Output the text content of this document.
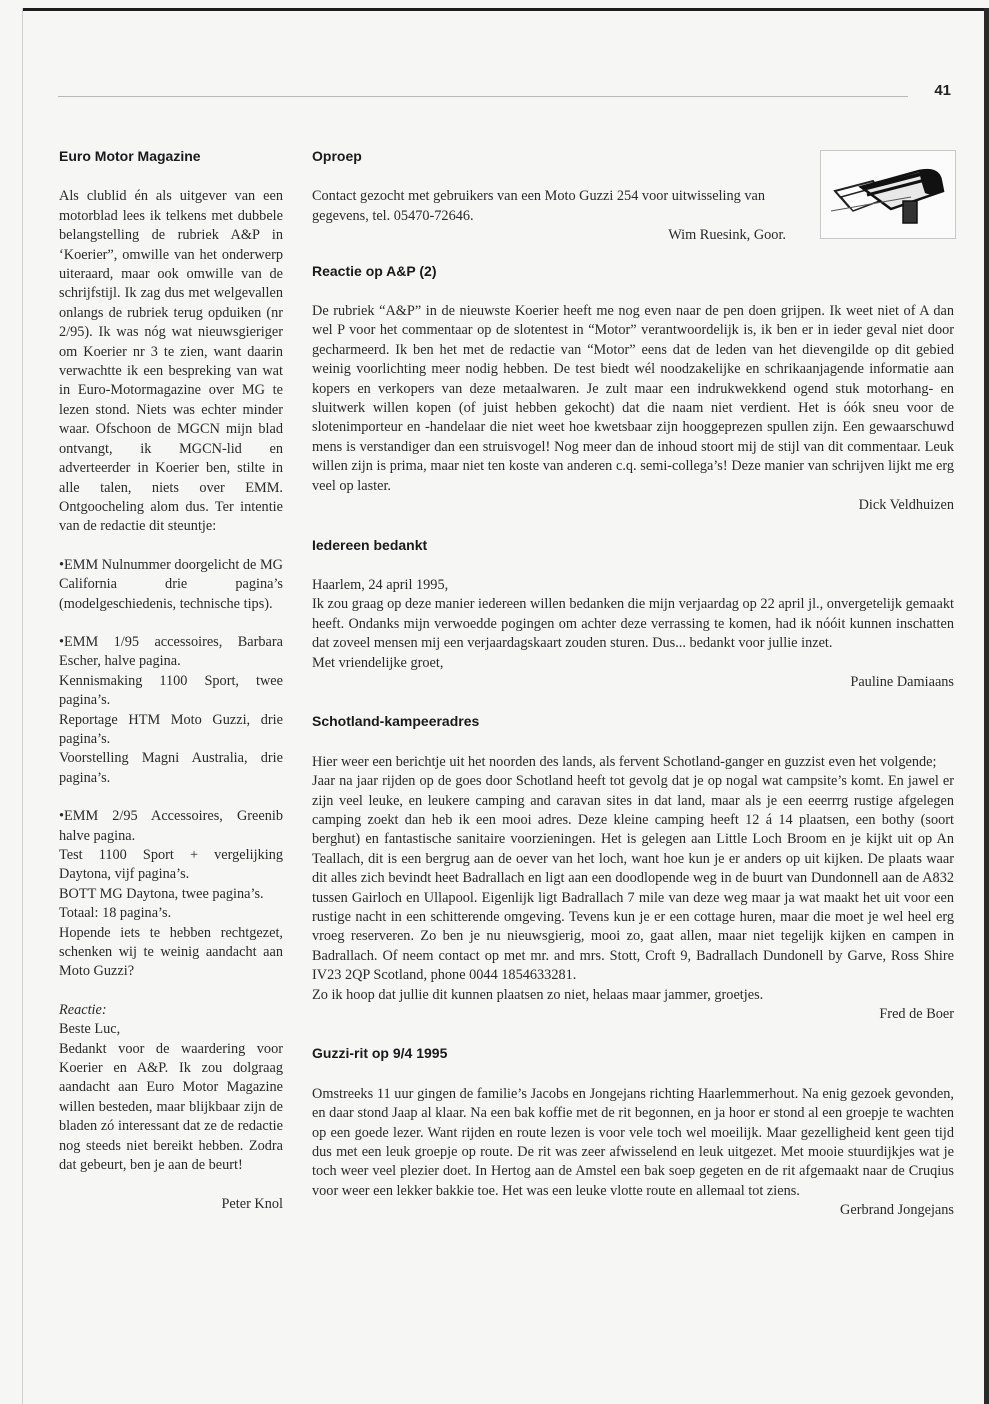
41
Euro Motor Magazine

Als clublid én als uitgever van een motorblad lees ik telkens met dubbele belangstelling de rubriek A&P in ‘Koerier”, omwille van het onderwerp uiteraard, maar ook omwille van de schrijfstijl. Ik zag dus met welgevallen onlangs de rubriek terug opduiken (nr 2/95). Ik was nóg wat nieuwsgieriger om Koerier nr 3 te zien, want daarin verwachtte ik een bespreking van wat in Euro-Motormagazine over MG te lezen stond. Niets was echter minder waar. Ofschoon de MGCN mijn blad ontvangt, ik MGCN-lid en adverteerder in Koerier ben, stilte in alle talen, niets over EMM. Ontgoocheling alom dus. Ter intentie van de redactie dit steuntje:

•EMM Nulnummer doorgelicht de MG California drie pagina’s (modelgeschiedenis, technische tips).

•EMM 1/95 accessoires, Barbara Escher, halve pagina.

Kennismaking 1100 Sport, twee pagina’s.

Reportage HTM Moto Guzzi, drie pagina’s.

Voorstelling Magni Australia, drie pagina’s.

•EMM 2/95 Accessoires, Greenib halve pagina.

Test 1100 Sport + vergelijking Daytona, vijf pagina’s.

BOTT MG Daytona, twee pagina’s.

Totaal: 18 pagina’s.

Hopende iets te hebben rechtgezet, schenken wij te weinig aandacht aan Moto Guzzi?

Reactie:

Beste Luc,

Bedankt voor de waardering voor Koerier en A&P. Ik zou dolgraag aandacht aan Euro Motor Magazine willen besteden, maar blijkbaar zijn de bladen zó interessant dat ze de redactie nog steeds niet bereikt hebben. Zodra dat gebeurt, ben je aan de beurt!

Peter Knol

Oproep

Contact gezocht met gebruikers van een Moto Guzzi 254 voor uitwisseling van gegevens, tel. 05470-72646.

Wim Ruesink, Goor.

Reactie op A&P (2)

De rubriek “A&P” in de nieuwste Koerier heeft me nog even naar de pen doen grijpen. Ik weet niet of A dan wel P voor het commentaar op de slotentest in “Motor” verantwoordelijk is, ik ben er in ieder geval niet door gecharmeerd. Ik ben het met de redactie van “Motor” eens dat de leden van het dievengilde op dit gebied weinig voorlichting meer nodig hebben. De test biedt wél noodzakelijke en schrikaanjagende informatie aan kopers en verkopers van deze metaalwaren. Je zult maar een indrukwekkend ogend stuk motorhang- en sluitwerk willen kopen (of juist hebben gekocht) dat die naam niet verdient. Het is óók sneu voor de slotenimporteur en -handelaar die niet weet hoe kwetsbaar zijn hooggeprezen spullen zijn. Een gewaarschuwd mens is verstandiger dan een struisvogel! Nog meer dan de inhoud stoort mij de stijl van dit commentaar. Leuk willen zijn is prima, maar niet ten koste van anderen c.q. semi-collega’s! Deze manier van schrijven lijkt me erg veel op laster.

Dick Veldhuizen

Iedereen bedankt

Haarlem, 24 april 1995,

Ik zou graag op deze manier iedereen willen bedanken die mijn verjaardag op 22 april jl., onvergetelijk gemaakt heeft. Ondanks mijn verwoedde pogingen om achter deze verrassing te komen, had ik nóóit kunnen inschatten dat zoveel mensen mij een verjaardagskaart zouden sturen. Dus... bedankt voor jullie inzet.

Met vriendelijke groet,

Pauline Damiaans

Schotland-kampeeradres

Hier weer een berichtje uit het noorden des lands, als fervent Schotland-ganger en guzzist even het volgende;

Jaar na jaar rijden op de goes door Schotland heeft tot gevolg dat je op nogal wat campsite’s komt. En jawel er zijn veel leuke, en leukere camping and caravan sites in dat land, maar als je een eeerrrg rustige afgelegen camping zoekt dan heb ik een mooi adres. Deze kleine camping heeft 12 á 14 plaatsen, een bothy (soort berghut) en fantastische sanitaire voorzieningen. Het is gelegen aan Little Loch Broom en je kijkt uit op An Teallach, dit is een bergrug aan de oever van het loch, want hoe kun je er anders op uit kijken. De plaats waar dit alles zich bevindt heet Badrallach en ligt aan een doodlopende weg in de buurt van Dundonnell aan de A832 tussen Gairloch en Ullapool. Eigenlijk ligt Badrallach 7 mile van deze weg maar ja wat maakt het uit voor een rustige nacht in een schitterende omgeving. Tevens kun je er een cottage huren, maar die moet je wel heel erg vroeg reserveren. Zo ben je nu nieuwsgierig, mooi zo, gaat allen, maar niet tegelijk kijken en campen in Badrallach. Of neem contact op met mr. and mrs. Stott, Croft 9, Badrallach Dundonell by Garve, Ross Shire IV23 2QP Scotland, phone 0044 1854633281.

Zo ik hoop dat jullie dit kunnen plaatsen zo niet, helaas maar jammer, groetjes.

Fred de Boer

Guzzi-rit op 9/4 1995

Omstreeks 11 uur gingen de familie’s Jacobs en Jongejans richting Haarlemmerhout. Na enig gezoek gevonden, en daar stond Jaap al klaar. Na een bak koffie met de rit begonnen, en ja hoor er stond al een groepje te wachten op een goede lezer. Want rijden en route lezen is voor vele toch wel moeilijk. Maar gezelligheid kent geen tijd dus met een leuk groepje op route. De rit was zeer afwisselend en leuk uitgezet. Met mooie stuurdijkjes wat je toch weer veel plezier doet. In Hertog aan de Amstel een bak soep gegeten en de rit afgemaakt naar de Cruqius voor weer een lekker bakkie toe. Het was een leuke vlotte route en allemaal tot ziens.

Gerbrand Jongejans
